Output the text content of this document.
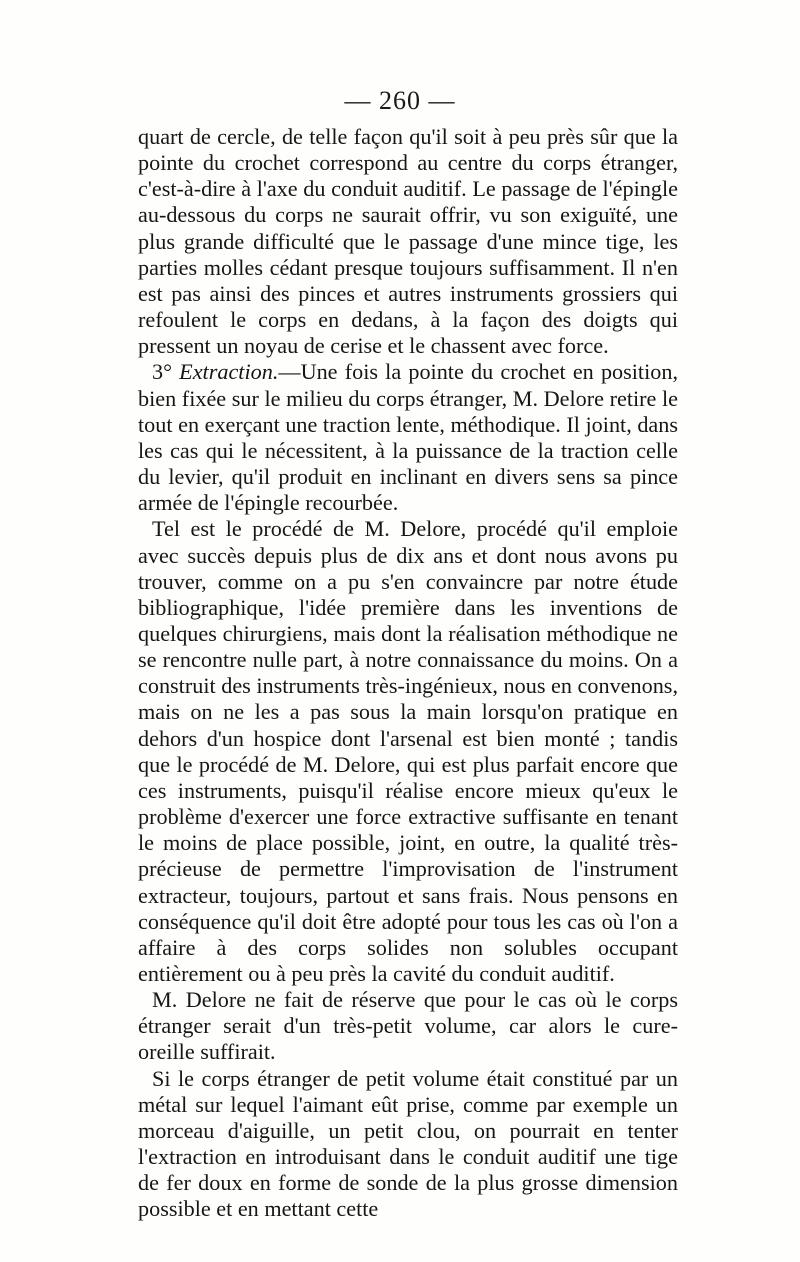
— 260 —

quart de cercle, de telle façon qu'il soit à peu près sûr que la pointe du crochet correspond au centre du corps étranger, c'est-à-dire à l'axe du conduit auditif. Le passage de l'épingle au-dessous du corps ne saurait offrir, vu son exiguïté, une plus grande difficulté que le passage d'une mince tige, les parties molles cédant presque toujours suffisamment. Il n'en est pas ainsi des pinces et autres instruments grossiers qui refoulent le corps en dedans, à la façon des doigts qui pressent un noyau de cerise et le chassent avec force.

3° Extraction.—Une fois la pointe du crochet en position, bien fixée sur le milieu du corps étranger, M. Delore retire le tout en exerçant une traction lente, méthodique. Il joint, dans les cas qui le nécessitent, à la puissance de la traction celle du levier, qu'il produit en inclinant en divers sens sa pince armée de l'épingle recourbée.

Tel est le procédé de M. Delore, procédé qu'il emploie avec succès depuis plus de dix ans et dont nous avons pu trouver, comme on a pu s'en convaincre par notre étude bibliographique, l'idée première dans les inventions de quelques chirurgiens, mais dont la réalisation méthodique ne se rencontre nulle part, à notre connaissance du moins. On a construit des instruments très-ingénieux, nous en convenons, mais on ne les a pas sous la main lorsqu'on pratique en dehors d'un hospice dont l'arsenal est bien monté ; tandis que le procédé de M. Delore, qui est plus parfait encore que ces instruments, puisqu'il réalise encore mieux qu'eux le problème d'exercer une force extractive suffisante en tenant le moins de place possible, joint, en outre, la qualité très-précieuse de permettre l'improvisation de l'instrument extracteur, toujours, partout et sans frais. Nous pensons en conséquence qu'il doit être adopté pour tous les cas où l'on a affaire à des corps solides non solubles occupant entièrement ou à peu près la cavité du conduit auditif.

M. Delore ne fait de réserve que pour le cas où le corps étranger serait d'un très-petit volume, car alors le cure-oreille suffirait.

Si le corps étranger de petit volume était constitué par un métal sur lequel l'aimant eût prise, comme par exemple un morceau d'aiguille, un petit clou, on pourrait en tenter l'extraction en introduisant dans le conduit auditif une tige de fer doux en forme de sonde de la plus grosse dimension possible et en mettant cette
